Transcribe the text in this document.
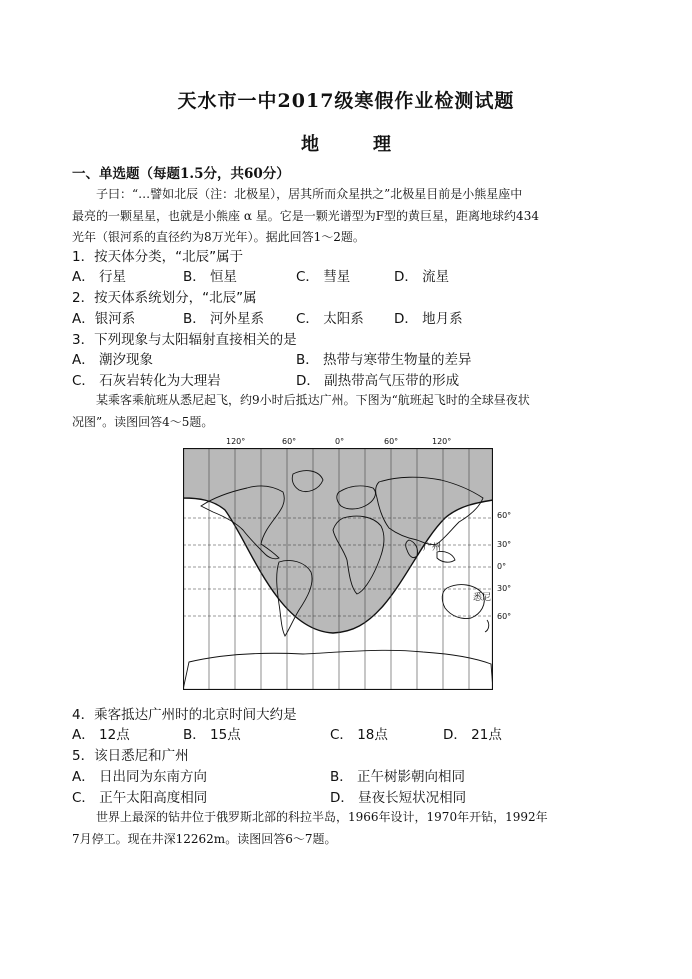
天水市一中2017级寒假作业检测试题
地	理
一、单选题（每题1.5分，共60分）
子曰：“…譬如北辰（注：北极星），居其所而众星拱之”北极星目前是小熊星座中
最亮的一颗星星，也就是小熊座 α 星。它是一颗光谱型为F型的黄巨星，距离地球约434
光年（银河系的直径约为8万光年）。据此回答1～2题。
1．按天体分类，“北辰”属于
A． 行星	B． 恒星	C． 彗星	D． 流星
2．按天体系统划分，“北辰”属
A．银河系	B． 河外星系 C． 太阳系 D． 地月系
3．下列现象与太阳辐射直接相关的是
A． 潮汐现象	B． 热带与寒带生物量的差异
C． 石灰岩转化为大理岩	D． 副热带高气压带的形成
某乘客乘航班从悉尼起飞，约9小时后抵达广州。下图为“航班起飞时的全球昼夜状
况图”。读图回答4～5题。
120°	60°	0°	60°	120°
60°
30°
0°
30°
60°
广州
悉尼
4．乘客抵达广州时的北京时间大约是
A． 12点	B． 15点	C． 18点	D． 21点
5．该日悉尼和广州
A． 日出同为东南方向	B． 正午树影朝向相同
C． 正午太阳高度相同	D． 昼夜长短状况相同
世界上最深的钻井位于俄罗斯北部的科拉半岛，1966年设计，1970年开钻，1992年
7月停工。现在井深12262m。读图回答6～7题。
